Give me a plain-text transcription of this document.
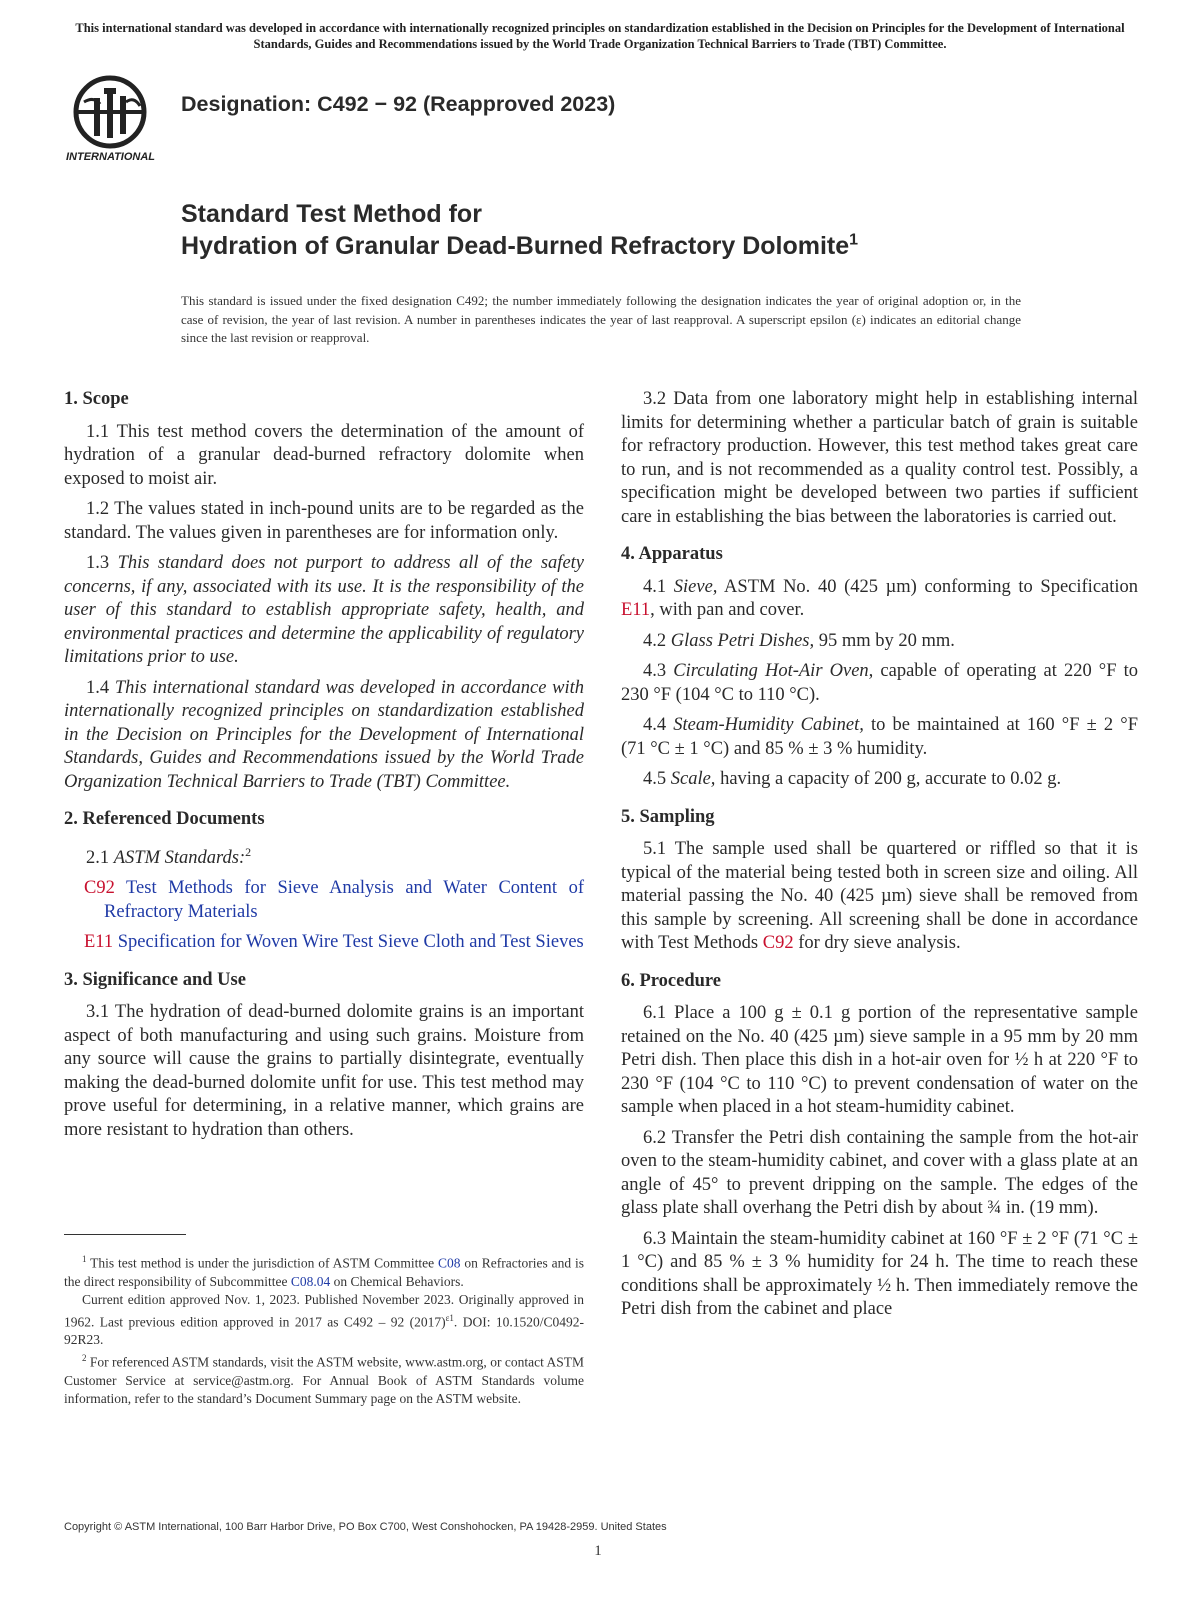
This international standard was developed in accordance with internationally recognized principles on standardization established in the Decision on Principles for the Development of International Standards, Guides and Recommendations issued by the World Trade Organization Technical Barriers to Trade (TBT) Committee.
INTERNATIONAL
Designation: C492 − 92 (Reapproved 2023)
Standard Test Method for
Hydration of Granular Dead-Burned Refractory Dolomite$^1$
This standard is issued under the fixed designation C492; the number immediately following the designation indicates the year of original adoption or, in the case of revision, the year of last revision. A number in parentheses indicates the year of last reapproval. A superscript epsilon (ε) indicates an editorial change since the last revision or reapproval.
1. Scope

1.1 This test method covers the determination of the amount of hydration of a granular dead-burned refractory dolomite when exposed to moist air.

1.2 The values stated in inch-pound units are to be regarded as the standard. The values given in parentheses are for information only.

1.3 This standard does not purport to address all of the safety concerns, if any, associated with its use. It is the responsibility of the user of this standard to establish appropriate safety, health, and environmental practices and determine the applicability of regulatory limitations prior to use.

1.4 This international standard was developed in accordance with internationally recognized principles on standardization established in the Decision on Principles for the Development of International Standards, Guides and Recommendations issued by the World Trade Organization Technical Barriers to Trade (TBT) Committee.

2. Referenced Documents

2.1 ASTM Standards:$^2$

C92 Test Methods for Sieve Analysis and Water Content of Refractory Materials

E11 Specification for Woven Wire Test Sieve Cloth and Test Sieves

3. Significance and Use

3.1 The hydration of dead-burned dolomite grains is an important aspect of both manufacturing and using such grains. Moisture from any source will cause the grains to partially disintegrate, eventually making the dead-burned dolomite unfit for use. This test method may prove useful for determining, in a relative manner, which grains are more resistant to hydration than others.

$^1$ This test method is under the jurisdiction of ASTM Committee C08 on Refractories and is the direct responsibility of Subcommittee C08.04 on Chemical Behaviors.

Current edition approved Nov. 1, 2023. Published November 2023. Originally approved in 1962. Last previous edition approved in 2017 as C492 – 92 $(2017)^{\varepsilon 1}$. DOI: 10.1520/C0492-92R23.

$^2$ For referenced ASTM standards, visit the ASTM website, www.astm.org, or contact ASTM Customer Service at service@astm.org. For Annual Book of ASTM Standards volume information, refer to the standard’s Document Summary page on the ASTM website.

3.2 Data from one laboratory might help in establishing internal limits for determining whether a particular batch of grain is suitable for refractory production. However, this test method takes great care to run, and is not recommended as a quality control test. Possibly, a specification might be developed between two parties if sufficient care in establishing the bias between the laboratories is carried out.

4. Apparatus

4.1 Sieve, ASTM No. 40 (425 µm) conforming to Specification E11, with pan and cover.

4.2 Glass Petri Dishes, 95 mm by 20 mm.

4.3 Circulating Hot-Air Oven, capable of operating at 220 °F to 230 °F (104 °C to 110 °C).

4.4 Steam-Humidity Cabinet, to be maintained at 160 °F ± 2 °F (71 °C ± 1 °C) and 85 % ± 3 % humidity.

4.5 Scale, having a capacity of 200 g, accurate to 0.02 g.

5. Sampling

5.1 The sample used shall be quartered or riffled so that it is typical of the material being tested both in screen size and oiling. All material passing the No. 40 (425 µm) sieve shall be removed from this sample by screening. All screening shall be done in accordance with Test Methods C92 for dry sieve analysis.

6. Procedure

6.1 Place a 100 g ± 0.1 g portion of the representative sample retained on the No. 40 (425 µm) sieve sample in a 95 mm by 20 mm Petri dish. Then place this dish in a hot-air oven for ½ h at 220 °F to 230 °F (104 °C to 110 °C) to prevent condensation of water on the sample when placed in a hot steam-humidity cabinet.

6.2 Transfer the Petri dish containing the sample from the hot-air oven to the steam-humidity cabinet, and cover with a glass plate at an angle of 45° to prevent dripping on the sample. The edges of the glass plate shall overhang the Petri dish by about ¾ in. (19 mm).

6.3 Maintain the steam-humidity cabinet at 160 °F ± 2 °F (71 °C ± 1 °C) and 85 % ± 3 % humidity for 24 h. The time to reach these conditions shall be approximately ½ h. Then immediately remove the Petri dish from the cabinet and place

Copyright © ASTM International, 100 Barr Harbor Drive, PO Box C700, West Conshohocken, PA 19428-2959. United States
1
